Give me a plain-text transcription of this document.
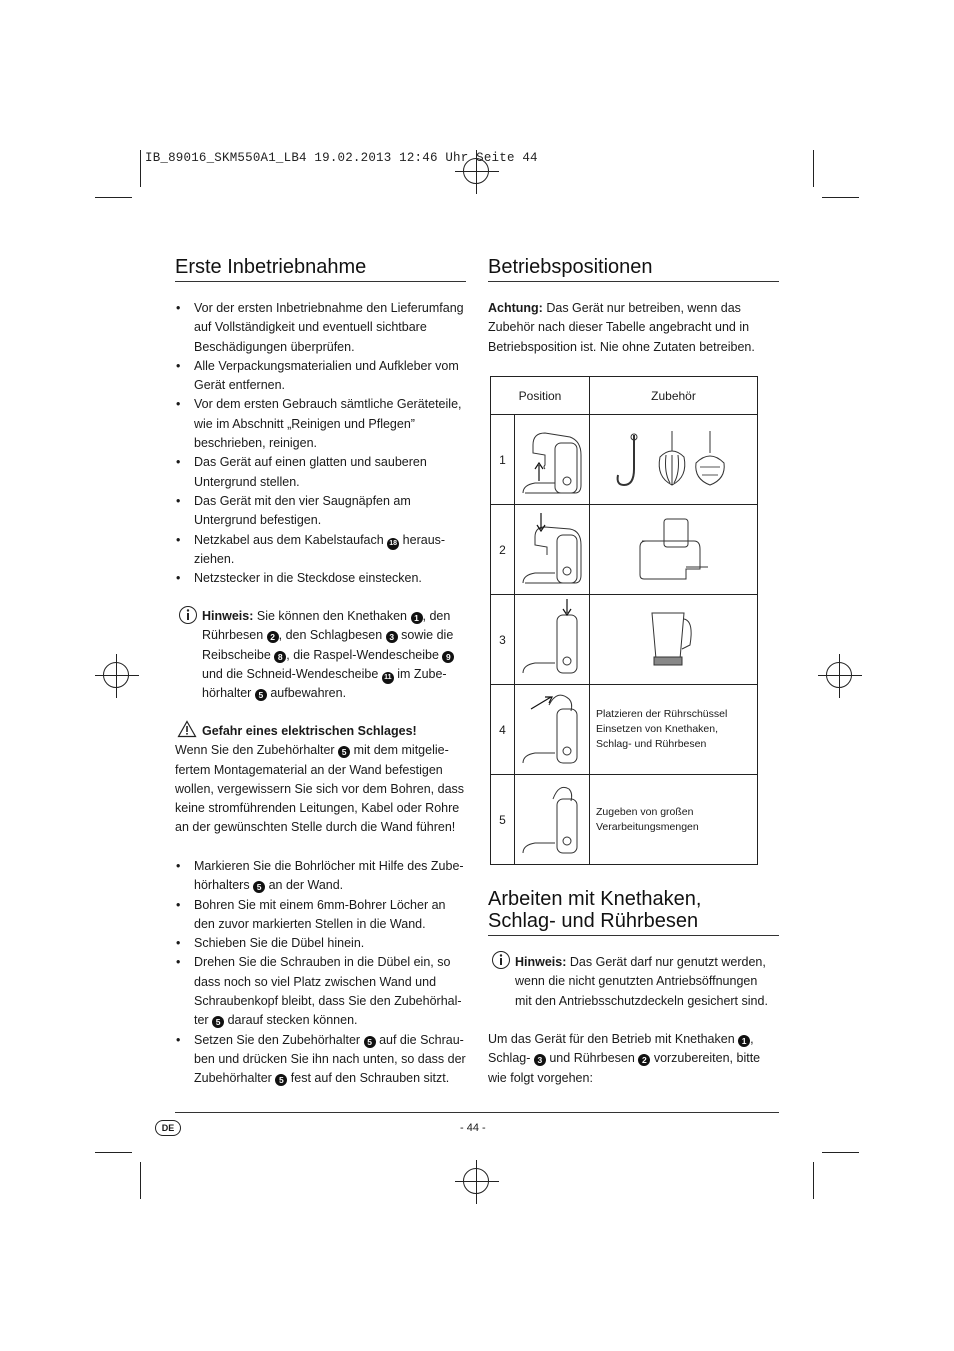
IB_89016_SKM550A1_LB4 19.02.2013 12:46 Uhr Seite 44
Erste Inbetriebnahme
• Vor der ersten Inbetriebnahme den Lieferumfang auf Vollständigkeit und eventuell sichtbare Beschädigungen überprüfen.
• Alle Verpackungsmaterialien und Aufkleber vom Gerät entfernen.
• Vor dem ersten Gebrauch sämtliche Geräteteile, wie im Abschnitt „Reinigen und Pflegen” beschrieben, reinigen.
• Das Gerät auf einen glatten und sauberen Untergrund stellen.
• Das Gerät mit den vier Saugnäpfen am Untergrund befestigen.
• Netzkabel aus dem Kabelstaufach 18 heraus-ziehen.
• Netzstecker in die Steckdose einstecken.
Hinweis: Sie können den Knethaken 1 , den Rührbesen 2 , den Schlagbesen 3 sowie die Reibscheibe 8 , die Raspel-Wendescheibe 9 und die Schneid-Wendescheibe 11 im Zube-hörhalter 5 aufbewahren.
Gefahr eines elektrischen Schlages!
Wenn Sie den Zubehörhalter 5 mit dem mitgelie-fertem Montagematerial an der Wand befestigen wollen, vergewissern Sie sich vor dem Bohren, dass keine stromführenden Leitungen, Kabel oder Rohre an der gewünschten Stelle durch die Wand führen!
• Markieren Sie die Bohrlöcher mit Hilfe des Zube-hörhalters 5 an der Wand.
• Bohren Sie mit einem 6mm-Bohrer Löcher an den zuvor markierten Stellen in die Wand.
• Schieben Sie die Dübel hinein.
• Drehen Sie die Schrauben in die Dübel ein, so dass noch so viel Platz zwischen Wand und Schraubenkopf bleibt, dass Sie den Zubehörhal-ter 5 darauf stecken können.
• Setzen Sie den Zubehörhalter 5 auf die Schrau-ben und drücken Sie ihn nach unten, so dass der Zubehörhalter 5 fest auf den Schrauben sitzt.
Betriebspositionen
Achtung: Das Gerät nur betreiben, wenn das Zubehör nach dieser Tabelle angebracht und in Betriebsposition ist. Nie ohne Zutaten betreiben.
Position		Zubehör
1		
2		
3		
4		Platzieren der Rührschüssel Einsetzen von Knethaken, Schlag- und Rührbesen
5		Zugeben von großen Verarbeitungsmengen
Arbeiten mit Knethaken,
Schlag- und Rührbesen
Hinweis: Das Gerät darf nur genutzt werden, wenn die nicht genutzten Antriebsöffnungen mit den Antriebsschutzdeckeln gesichert sind.
Um das Gerät für den Betrieb mit Knethaken 1 , Schlag- 3 und Rührbesen 2 vorzubereiten, bitte wie folgt vorgehen:
DE	- 44 -
